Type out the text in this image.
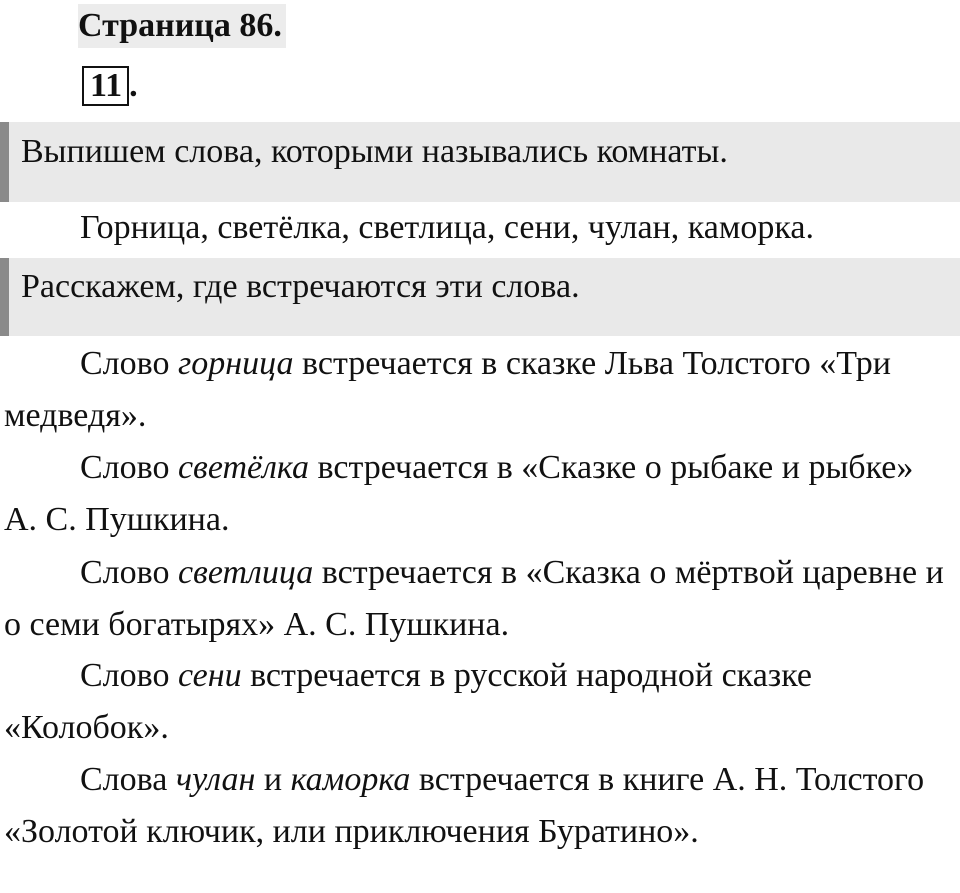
Страница 86.
11 .
Выпишем слова, которыми назывались комнаты.

Горница, светёлка, светлица, сени, чулан, каморка.

Расскажем, где встречаются эти слова.

Слово горница встречается в сказке Льва Толстого «Три медведя».

Слово светёлка встречается в «Сказке о рыбаке и рыбке» А. С. Пушкина.

Слово светлица встречается в «Сказка о мёртвой царевне и о семи богатырях» А. С. Пушкина.

Слово сени встречается в русской народной сказке «Колобок».

Слова чулан и каморка встречается в книге А. Н. Толстого «Золотой ключик, или приключения Буратино».
